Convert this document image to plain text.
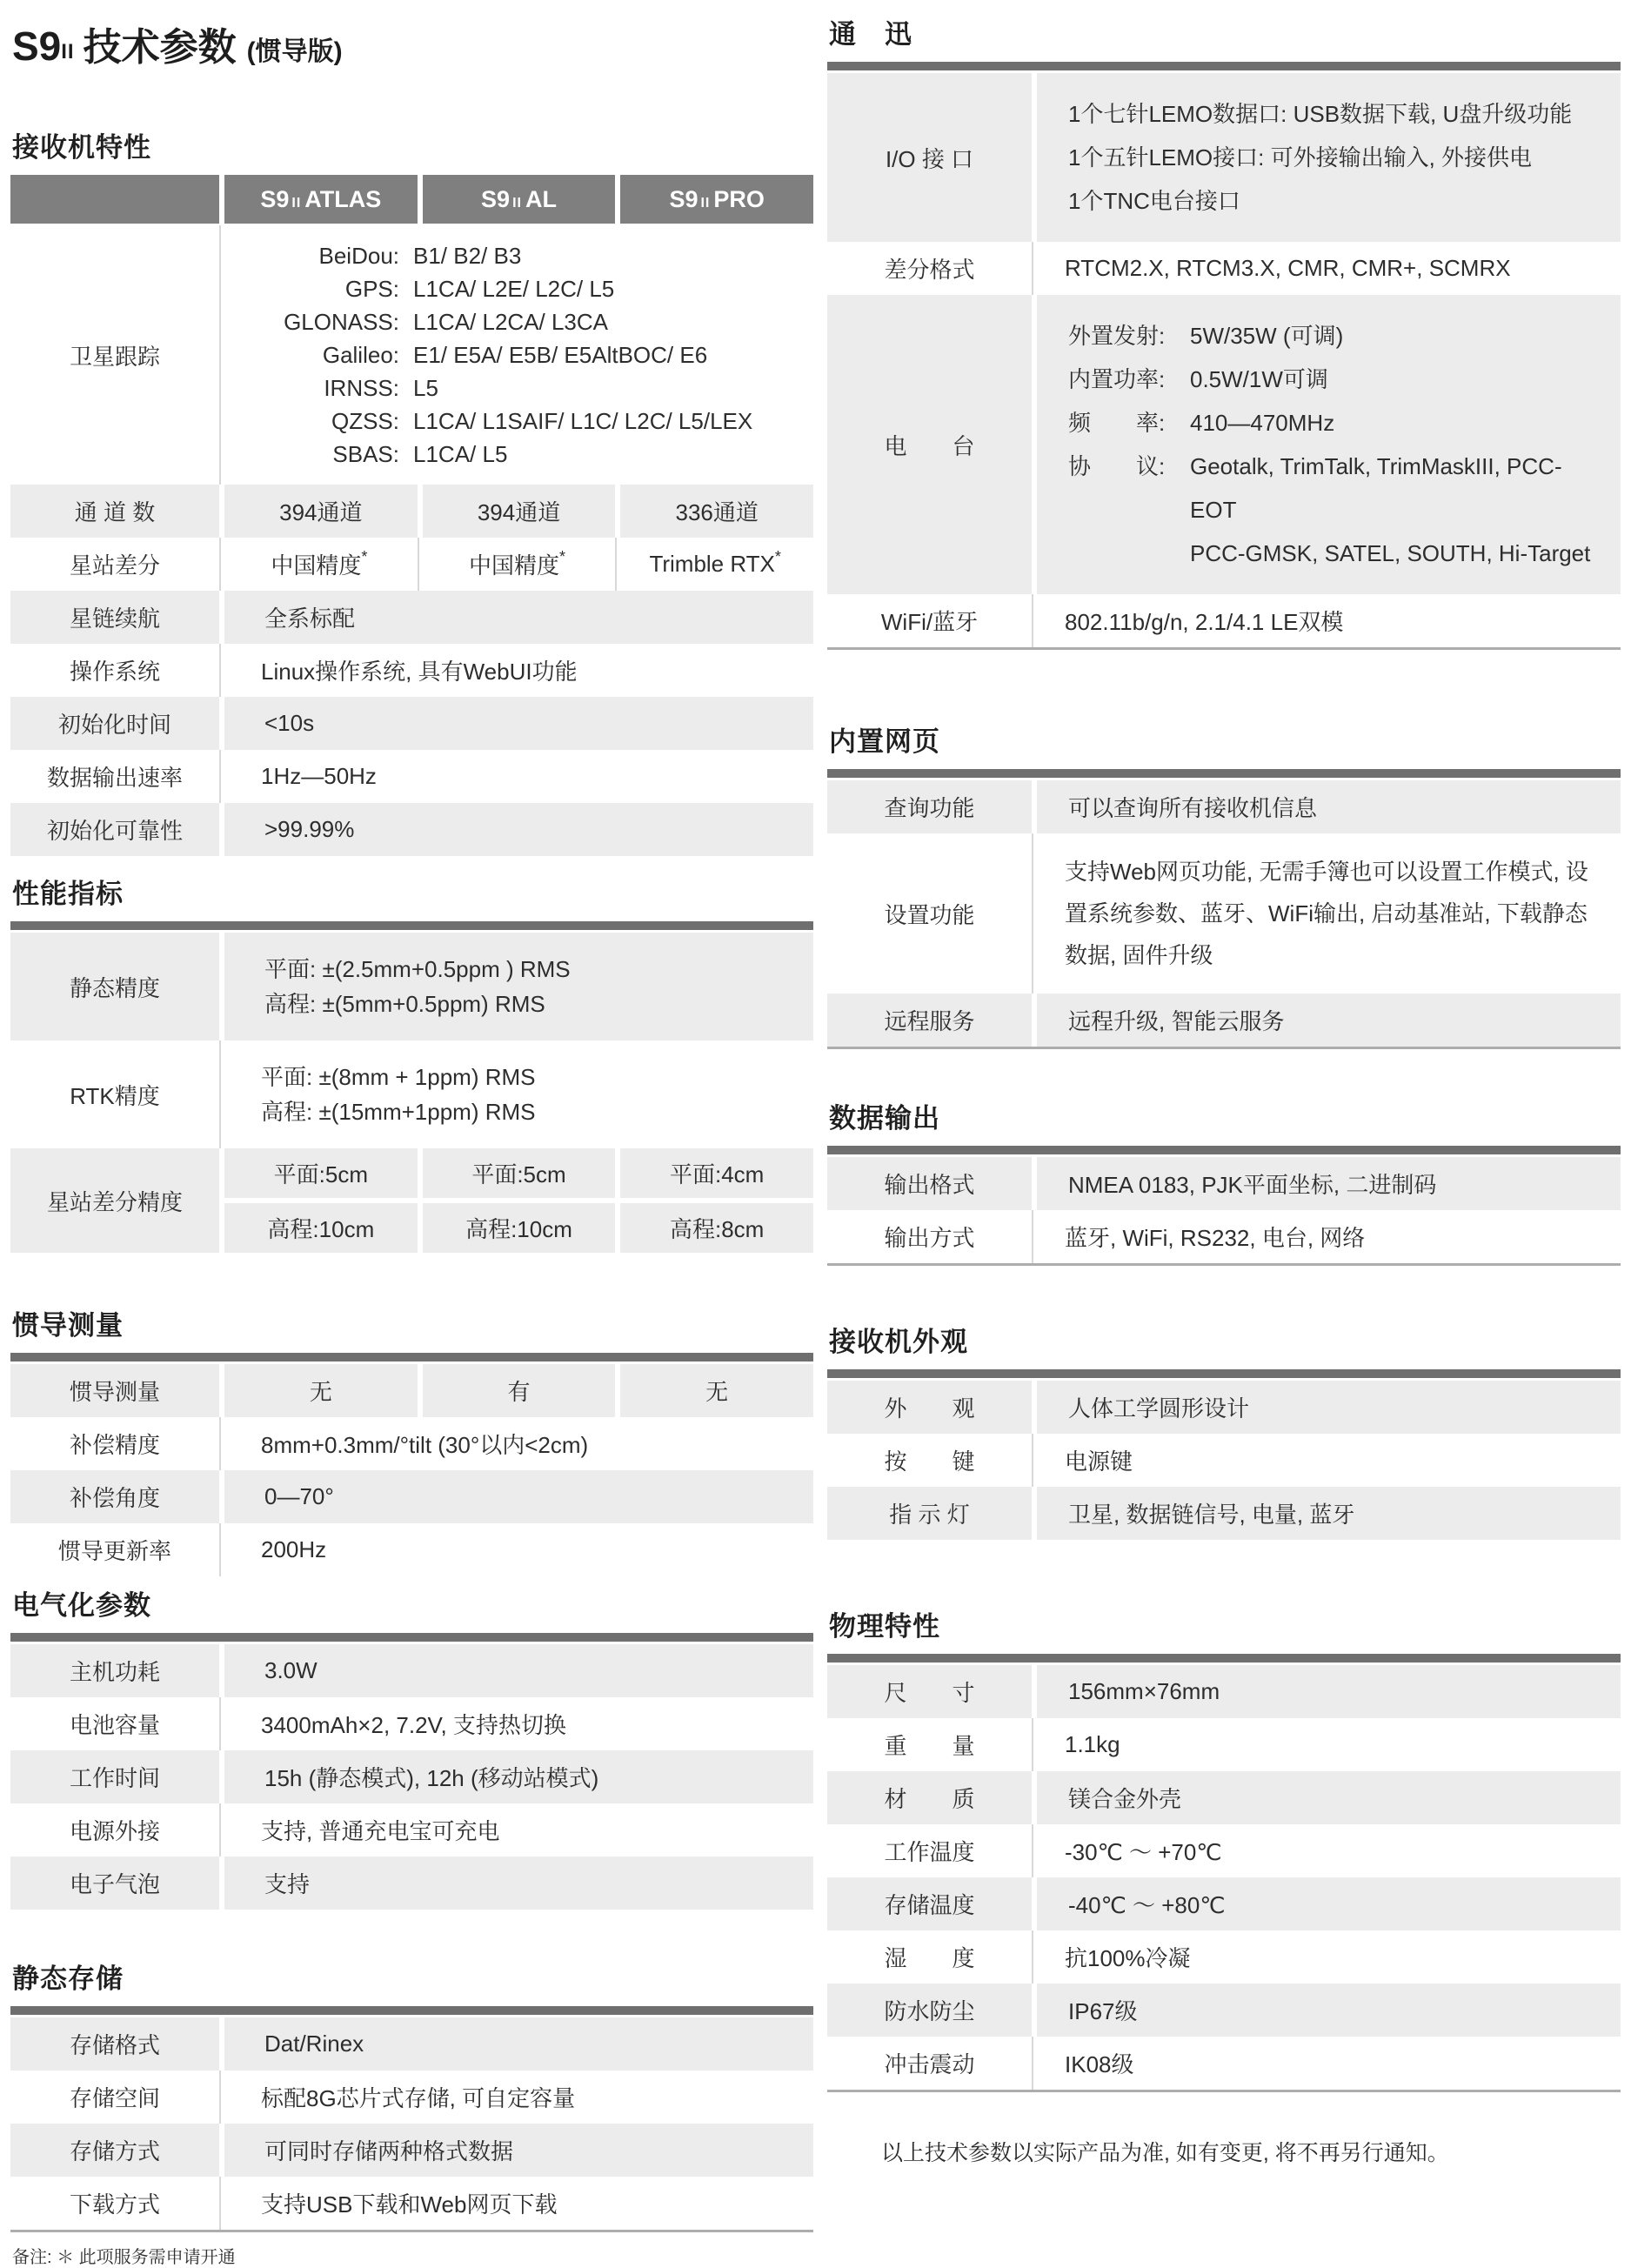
S9II 技术参数 (惯导版)
接收机特性
S9 II ATLAS	S9 II AL	S9 II PRO
卫星跟踪
BeiDou: B1/ B2/ B3
GPS: L1CA/ L2E/ L2C/ L5
GLONASS: L1CA/ L2CA/ L3CA
Galileo: E1/ E5A/ E5B/ E5AltBOC/ E6
IRNSS: L5
QZSS: L1CA/ L1SAIF/ L1C/ L2C/ L5/LEX
SBAS: L1CA/ L5
通 道 数	394通道	394通道	336通道
星站差分	中国精度*	中国精度*	Trimble RTX*
星链续航	全系标配
操作系统	Linux操作系统, 具有WebUI功能
初始化时间	<10s
数据输出速率	1Hz—50Hz
初始化可靠性	>99.99%
性能指标
静态精度
平面: ±(2.5mm+0.5ppm ) RMS
高程: ±(5mm+0.5ppm) RMS
RTK精度
平面: ±(8mm + 1ppm) RMS
高程: ±(15mm+1ppm) RMS
星站差分精度
平面:5cm	平面:5cm	平面:4cm
高程:10cm	高程:10cm	高程:8cm
惯导测量
惯导测量	无	有	无
补偿精度	8mm+0.3mm/°tilt (30°以内<2cm)
补偿角度	0—70°
惯导更新率	200Hz
电气化参数
主机功耗	3.0W
电池容量	3400mAh×2, 7.2V, 支持热切换
工作时间	15h (静态模式), 12h (移动站模式)
电源外接	支持, 普通充电宝可充电
电子气泡	支持
静态存储
存储格式	Dat/Rinex
存储空间	标配8G芯片式存储, 可自定容量
存储方式	可同时存储两种格式数据
下载方式	支持USB下载和Web网页下载
备注: ＊ 此项服务需申请开通
通　迅
I/O 接 口
1个七针LEMO数据口: USB数据下载, U盘升级功能
1个五针LEMO接口: 可外接输出输入, 外接供电
1个TNC电台接口
差分格式	RTCM2.X, RTCM3.X, CMR, CMR+, SCMRX
电　　台
外置发射:	5W/35W (可调)
内置功率:	0.5W/1W可调
频　　率:	410—470MHz
协　　议:	Geotalk, TrimTalk, TrimMaskIII, PCC-EOT
PCC-GMSK, SATEL, SOUTH, Hi-Target
WiFi/蓝牙	802.11b/g/n, 2.1/4.1 LE双模
内置网页
查询功能	可以查询所有接收机信息
设置功能
支持Web网页功能, 无需手簿也可以设置工作模式, 设置系统参数、蓝牙、WiFi输出, 启动基准站, 下载静态数据, 固件升级
远程服务	远程升级, 智能云服务
数据输出
输出格式	NMEA 0183, PJK平面坐标, 二进制码
输出方式	蓝牙, WiFi, RS232, 电台, 网络
接收机外观
外　　观	人体工学圆形设计
按　　键	电源键
指 示 灯	卫星, 数据链信号, 电量, 蓝牙
物理特性
尺　　寸	156mm×76mm
重　　量	1.1kg
材　　质	镁合金外壳
工作温度	-30℃ ～ +70℃
存储温度	-40℃ ～ +80℃
湿　　度	抗100%冷凝
防水防尘	IP67级
冲击震动	IK08级
以上技术参数以实际产品为准, 如有变更, 将不再另行通知。
